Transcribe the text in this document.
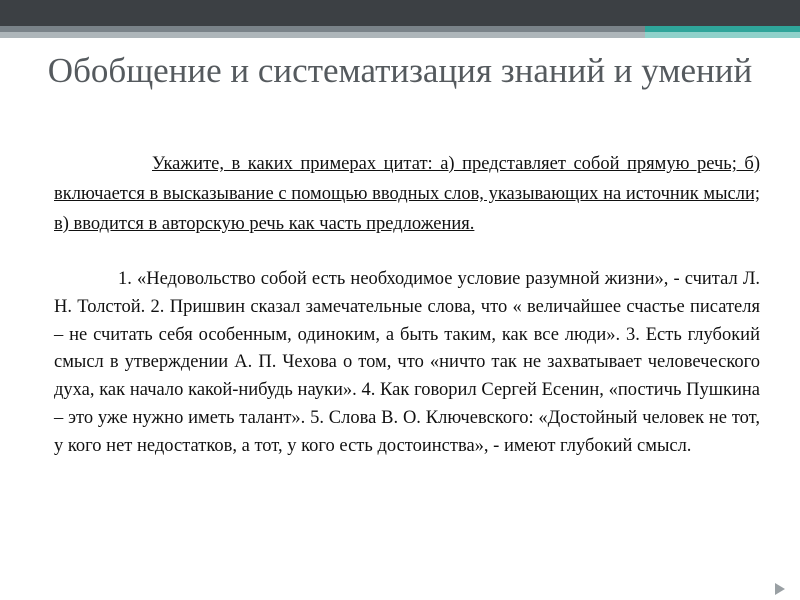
Обобщение и систематизация знаний и умений
Укажите, в каких примерах цитат: а) представляет собой прямую речь; б) включается в высказывание с помощью вводных слов, указывающих на источник мысли; в) вводится в авторскую речь как часть предложения.
1. «Недовольство собой есть необходимое условие разумной жизни», - считал Л. Н. Толстой. 2. Пришвин сказал замечательные слова, что « величайшее счастье писателя – не считать себя особенным, одиноким, а быть таким, как все люди». 3. Есть глубокий смысл в утверждении А. П. Чехова о том, что «ничто так не захватывает человеческого духа, как начало какой-нибудь науки». 4. Как говорил Сергей Есенин, «постичь Пушкина – это уже нужно иметь талант». 5. Слова В. О. Ключевского: «Достойный человек не тот, у кого нет недостатков, а тот, у кого есть достоинства», - имеют глубокий смысл.
